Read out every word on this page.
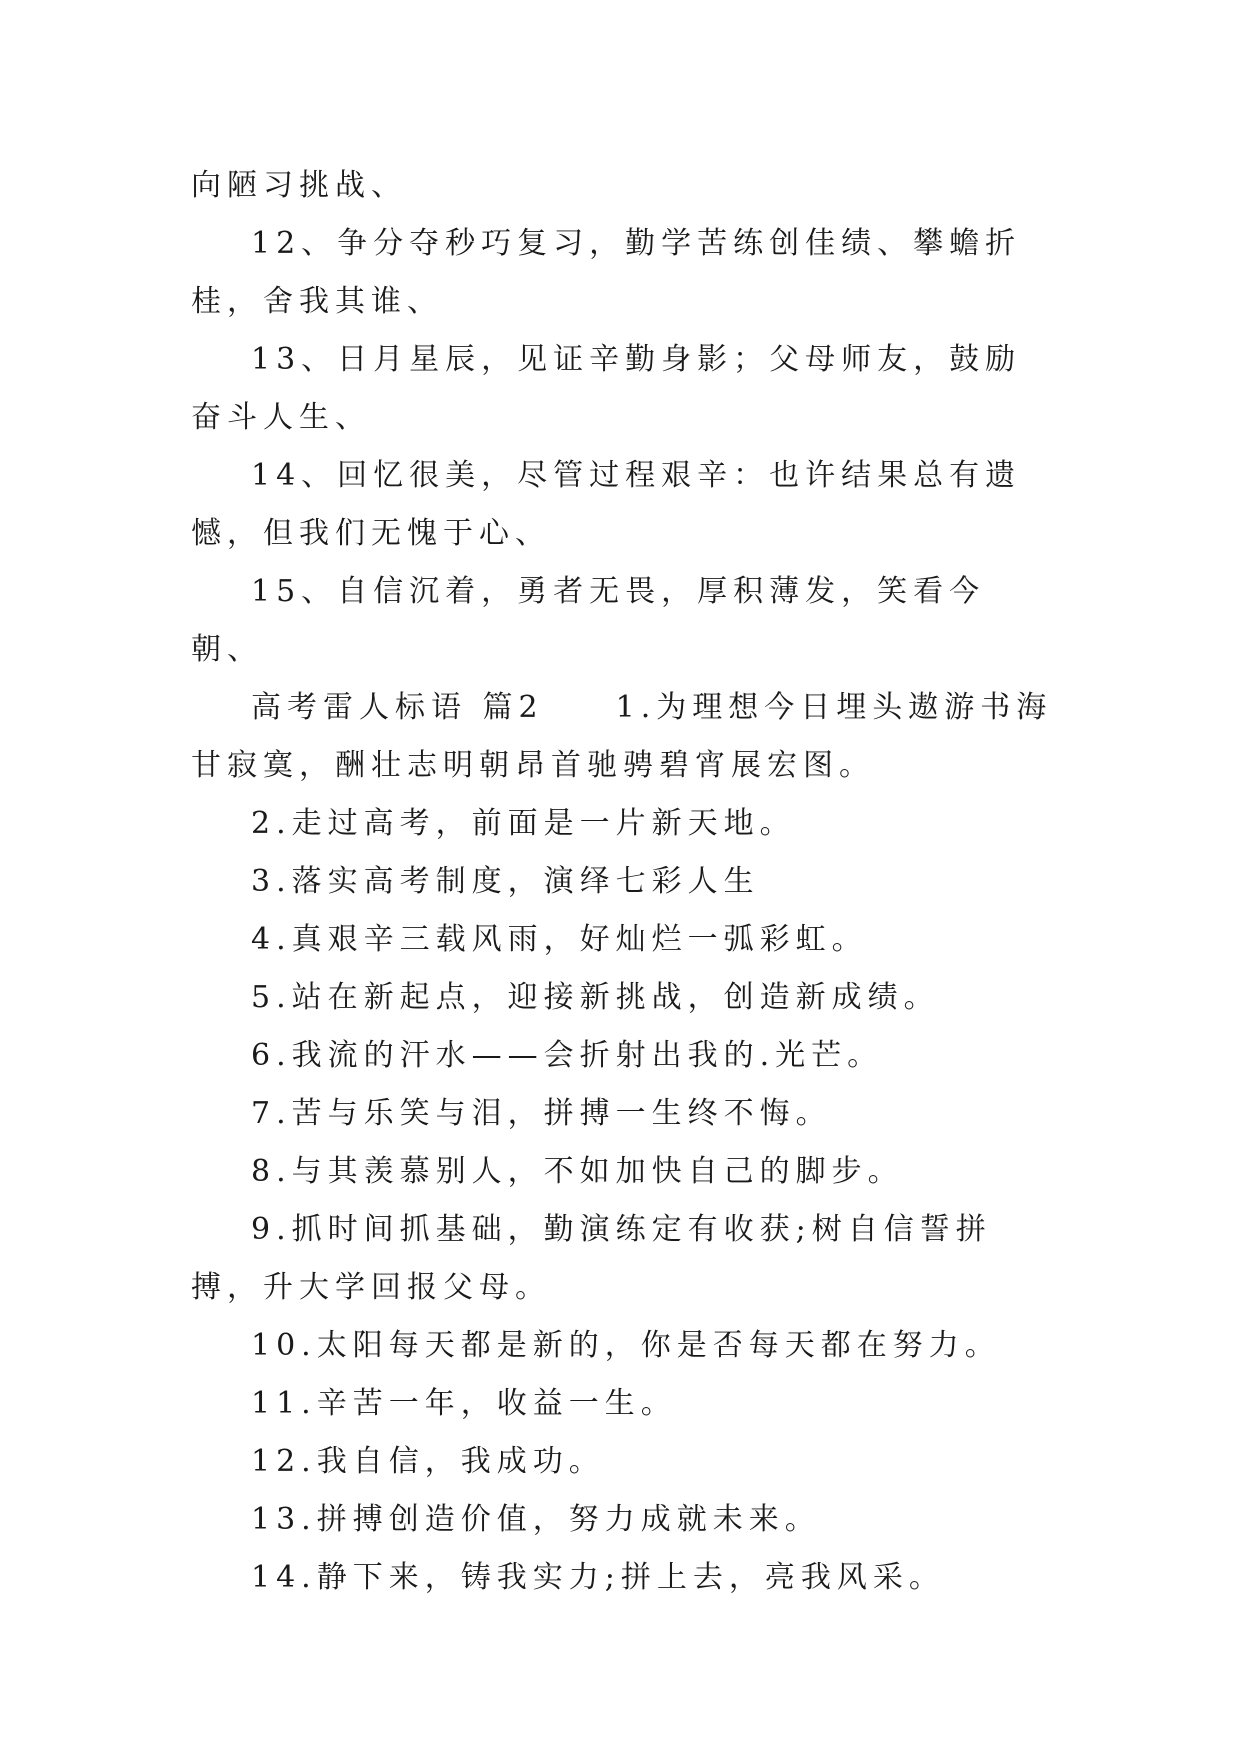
向陋习挑战、

12、争分夺秒巧复习，勤学苦练创佳绩、攀蟾折桂，舍我其谁、

13、日月星辰，见证辛勤身影；父母师友，鼓励奋斗人生、

14、回忆很美，尽管过程艰辛：也许结果总有遗憾，但我们无愧于心、

15、自信沉着，勇者无畏，厚积薄发，笑看今朝、

高考雷人标语 篇2　　1.为理想今日埋头遨游书海甘寂寞，酬壮志明朝昂首驰骋碧宵展宏图。

2.走过高考，前面是一片新天地。

3.落实高考制度，演绎七彩人生

4.真艰辛三载风雨，好灿烂一弧彩虹。

5.站在新起点，迎接新挑战，创造新成绩。

6.我流的汗水——会折射出我的.光芒。

7.苦与乐笑与泪，拼搏一生终不悔。

8.与其羡慕别人，不如加快自己的脚步。

9.抓时间抓基础，勤演练定有收获;树自信誓拼搏，升大学回报父母。

10.太阳每天都是新的，你是否每天都在努力。

11.辛苦一年，收益一生。

12.我自信，我成功。

13.拼搏创造价值，努力成就未来。

14.静下来，铸我实力;拼上去，亮我风采。
